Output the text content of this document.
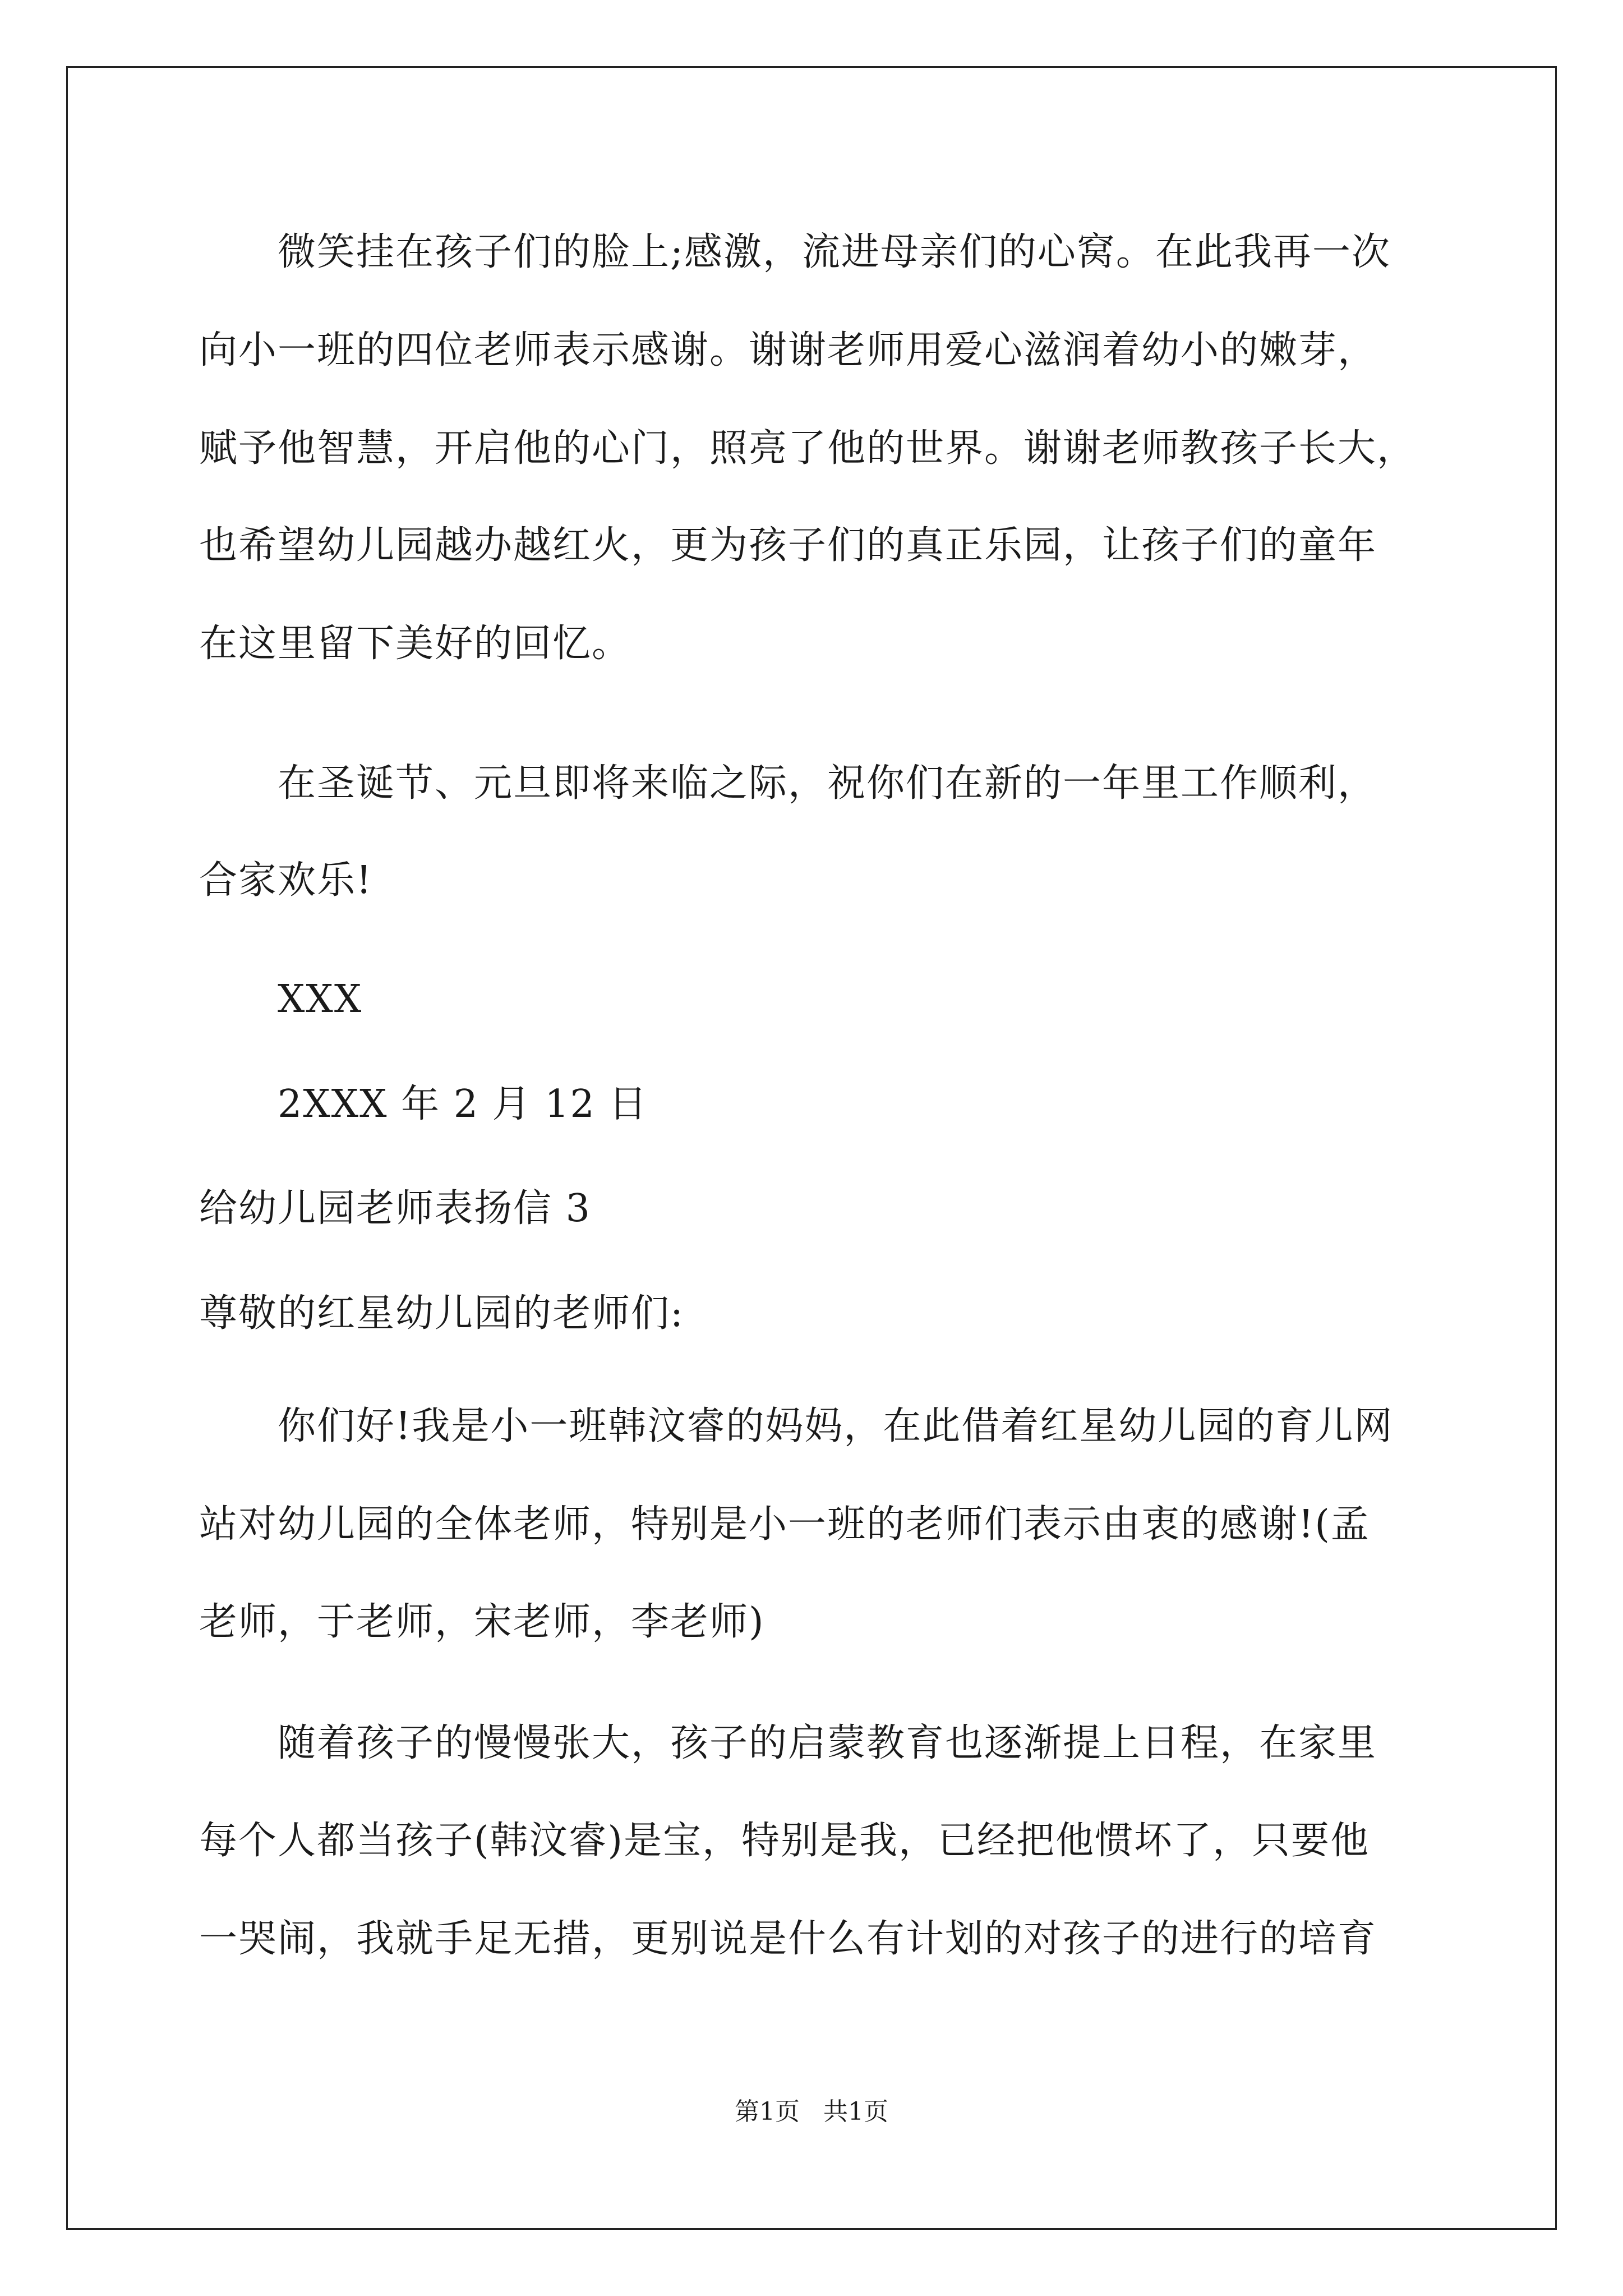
微笑挂在孩子们的脸上;感激，流进母亲们的心窝。在此我再一次
向小一班的四位老师表示感谢。谢谢老师用爱心滋润着幼小的嫩芽，
赋予他智慧，开启他的心门，照亮了他的世界。谢谢老师教孩子长大，
也希望幼儿园越办越红火，更为孩子们的真正乐园，让孩子们的童年
在这里留下美好的回忆。
在圣诞节、元旦即将来临之际，祝你们在新的一年里工作顺利，
合家欢乐!
XXX
2XXX 年 2 月 12 日
给幼儿园老师表扬信 3
尊敬的红星幼儿园的老师们:
你们好!我是小一班韩汶睿的妈妈，在此借着红星幼儿园的育儿网
站对幼儿园的全体老师，特别是小一班的老师们表示由衷的感谢!(孟
老师，于老师，宋老师，李老师)
随着孩子的慢慢张大，孩子的启蒙教育也逐渐提上日程，在家里
每个人都当孩子(韩汶睿)是宝，特别是我，已经把他惯坏了，只要他
一哭闹，我就手足无措，更别说是什么有计划的对孩子的进行的培育
第1页   共1页
